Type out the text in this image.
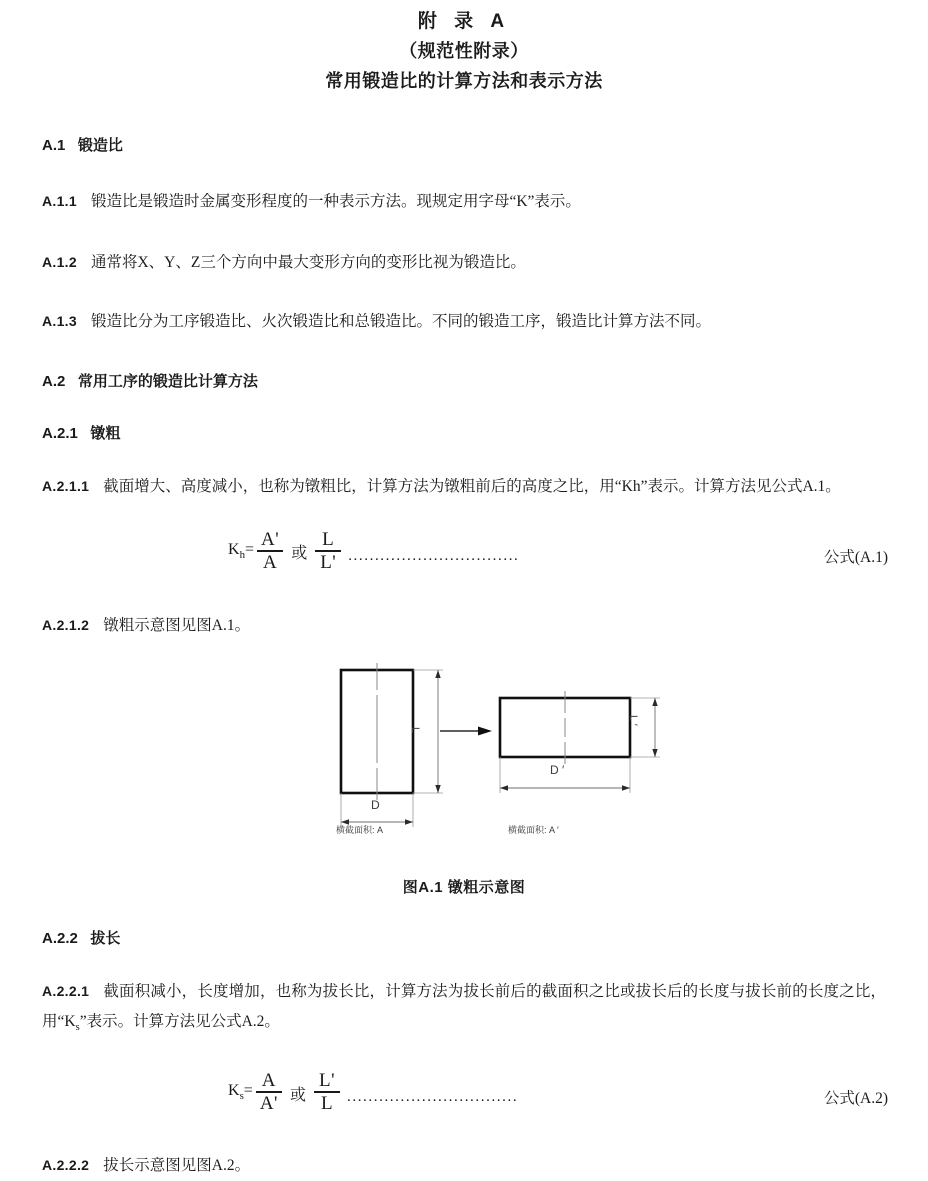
附 录 A
（规范性附录）
常用锻造比的计算方法和表示方法
A.1   锻造比

A.1.1 锻造比是锻造时金属变形程度的一种表示方法。现规定用字母“K”表示。

A.1.2 通常将X、Y、Z三个方向中最大变形方向的变形比视为锻造比。

A.1.3 锻造比分为工序锻造比、火次锻造比和总锻造比。不同的锻造工序，锻造比计算方法不同。

A.2   常用工序的锻造比计算方法
A.2.1   镦粗

A.2.1.1 截面增大、高度减小，也称为镦粗比，计算方法为镦粗前后的高度之比，用“Kh”表示。计算方法见公式A.1。

$K_h= \frac{A'}{A}$ 或 $\frac{L}{L'}$ ................................	公式(A.1)

A.2.1.2 镦粗示意图见图A.1。

L
D
L ′
D ′
横截面积: A	横截面积: A ′
图A.1 镦粗示意图
A.2.2   拔长

A.2.2.1 截面积减小，长度增加，也称为拔长比，计算方法为拔长前后的截面积之比或拔长后的长度与拔长前的长度之比，用“$K_s$”表示。计算方法见公式A.2。

$K_s= \frac{A}{A'}$ 或 $\frac{L'}{L}$ ................................	公式(A.2)

A.2.2.2 拔长示意图见图A.2。
